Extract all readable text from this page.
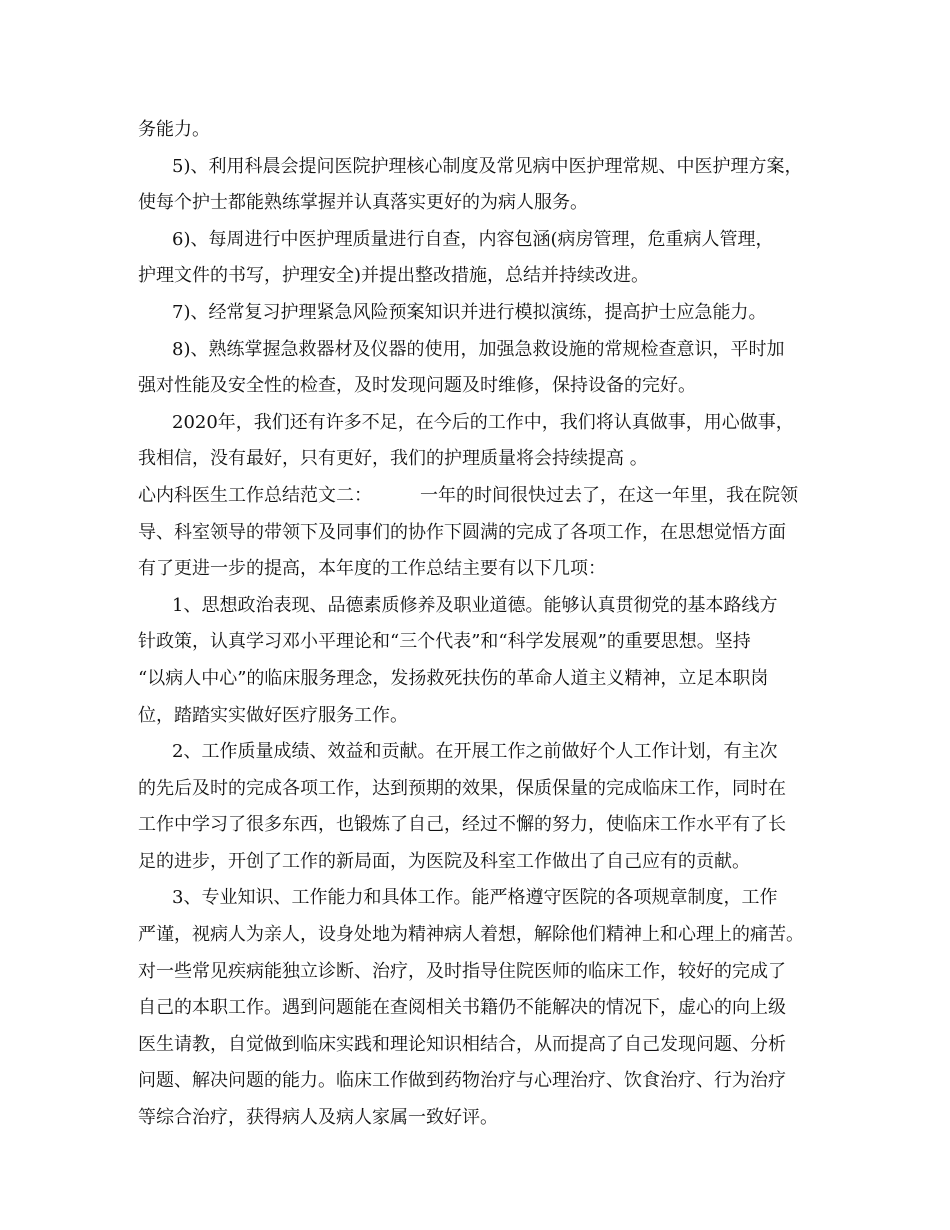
务能力。
5)、利用科晨会提问医院护理核心制度及常见病中医护理常规、中医护理方案，
使每个护士都能熟练掌握并认真落实更好的为病人服务。
6)、每周进行中医护理质量进行自查，内容包涵(病房管理，危重病人管理，
护理文件的书写，护理安全)并提出整改措施，总结并持续改进。
7)、经常复习护理紧急风险预案知识并进行模拟演练，提高护士应急能力。
8)、熟练掌握急救器材及仪器的使用，加强急救设施的常规检查意识，平时加
强对性能及安全性的检查，及时发现问题及时维修，保持设备的完好。
2020年，我们还有许多不足，在今后的工作中，我们将认真做事，用心做事，
我相信，没有最好，只有更好，我们的护理质量将会持续提高 。
心内科医生工作总结范文二：	一年的时间很快过去了，在这一年里，我在院领
导、科室领导的带领下及同事们的协作下圆满的完成了各项工作，在思想觉悟方面
有了更进一步的提高，本年度的工作总结主要有以下几项：
1、思想政治表现、品德素质修养及职业道德。能够认真贯彻党的基本路线方
针政策，认真学习邓小平理论和“三个代表”和“科学发展观”的重要思想。坚持
“以病人中心”的临床服务理念，发扬救死扶伤的革命人道主义精神，立足本职岗
位，踏踏实实做好医疗服务工作。
2、工作质量成绩、效益和贡献。在开展工作之前做好个人工作计划，有主次
的先后及时的完成各项工作，达到预期的效果，保质保量的完成临床工作，同时在
工作中学习了很多东西，也锻炼了自己，经过不懈的努力，使临床工作水平有了长
足的进步，开创了工作的新局面，为医院及科室工作做出了自己应有的贡献。
3、专业知识、工作能力和具体工作。能严格遵守医院的各项规章制度，工作
严谨，视病人为亲人，设身处地为精神病人着想，解除他们精神上和心理上的痛苦。
对一些常见疾病能独立诊断、治疗，及时指导住院医师的临床工作，较好的完成了
自己的本职工作。遇到问题能在查阅相关书籍仍不能解决的情况下，虚心的向上级
医生请教，自觉做到临床实践和理论知识相结合，从而提高了自己发现问题、分析
问题、解决问题的能力。临床工作做到药物治疗与心理治疗、饮食治疗、行为治疗
等综合治疗，获得病人及病人家属一致好评。
